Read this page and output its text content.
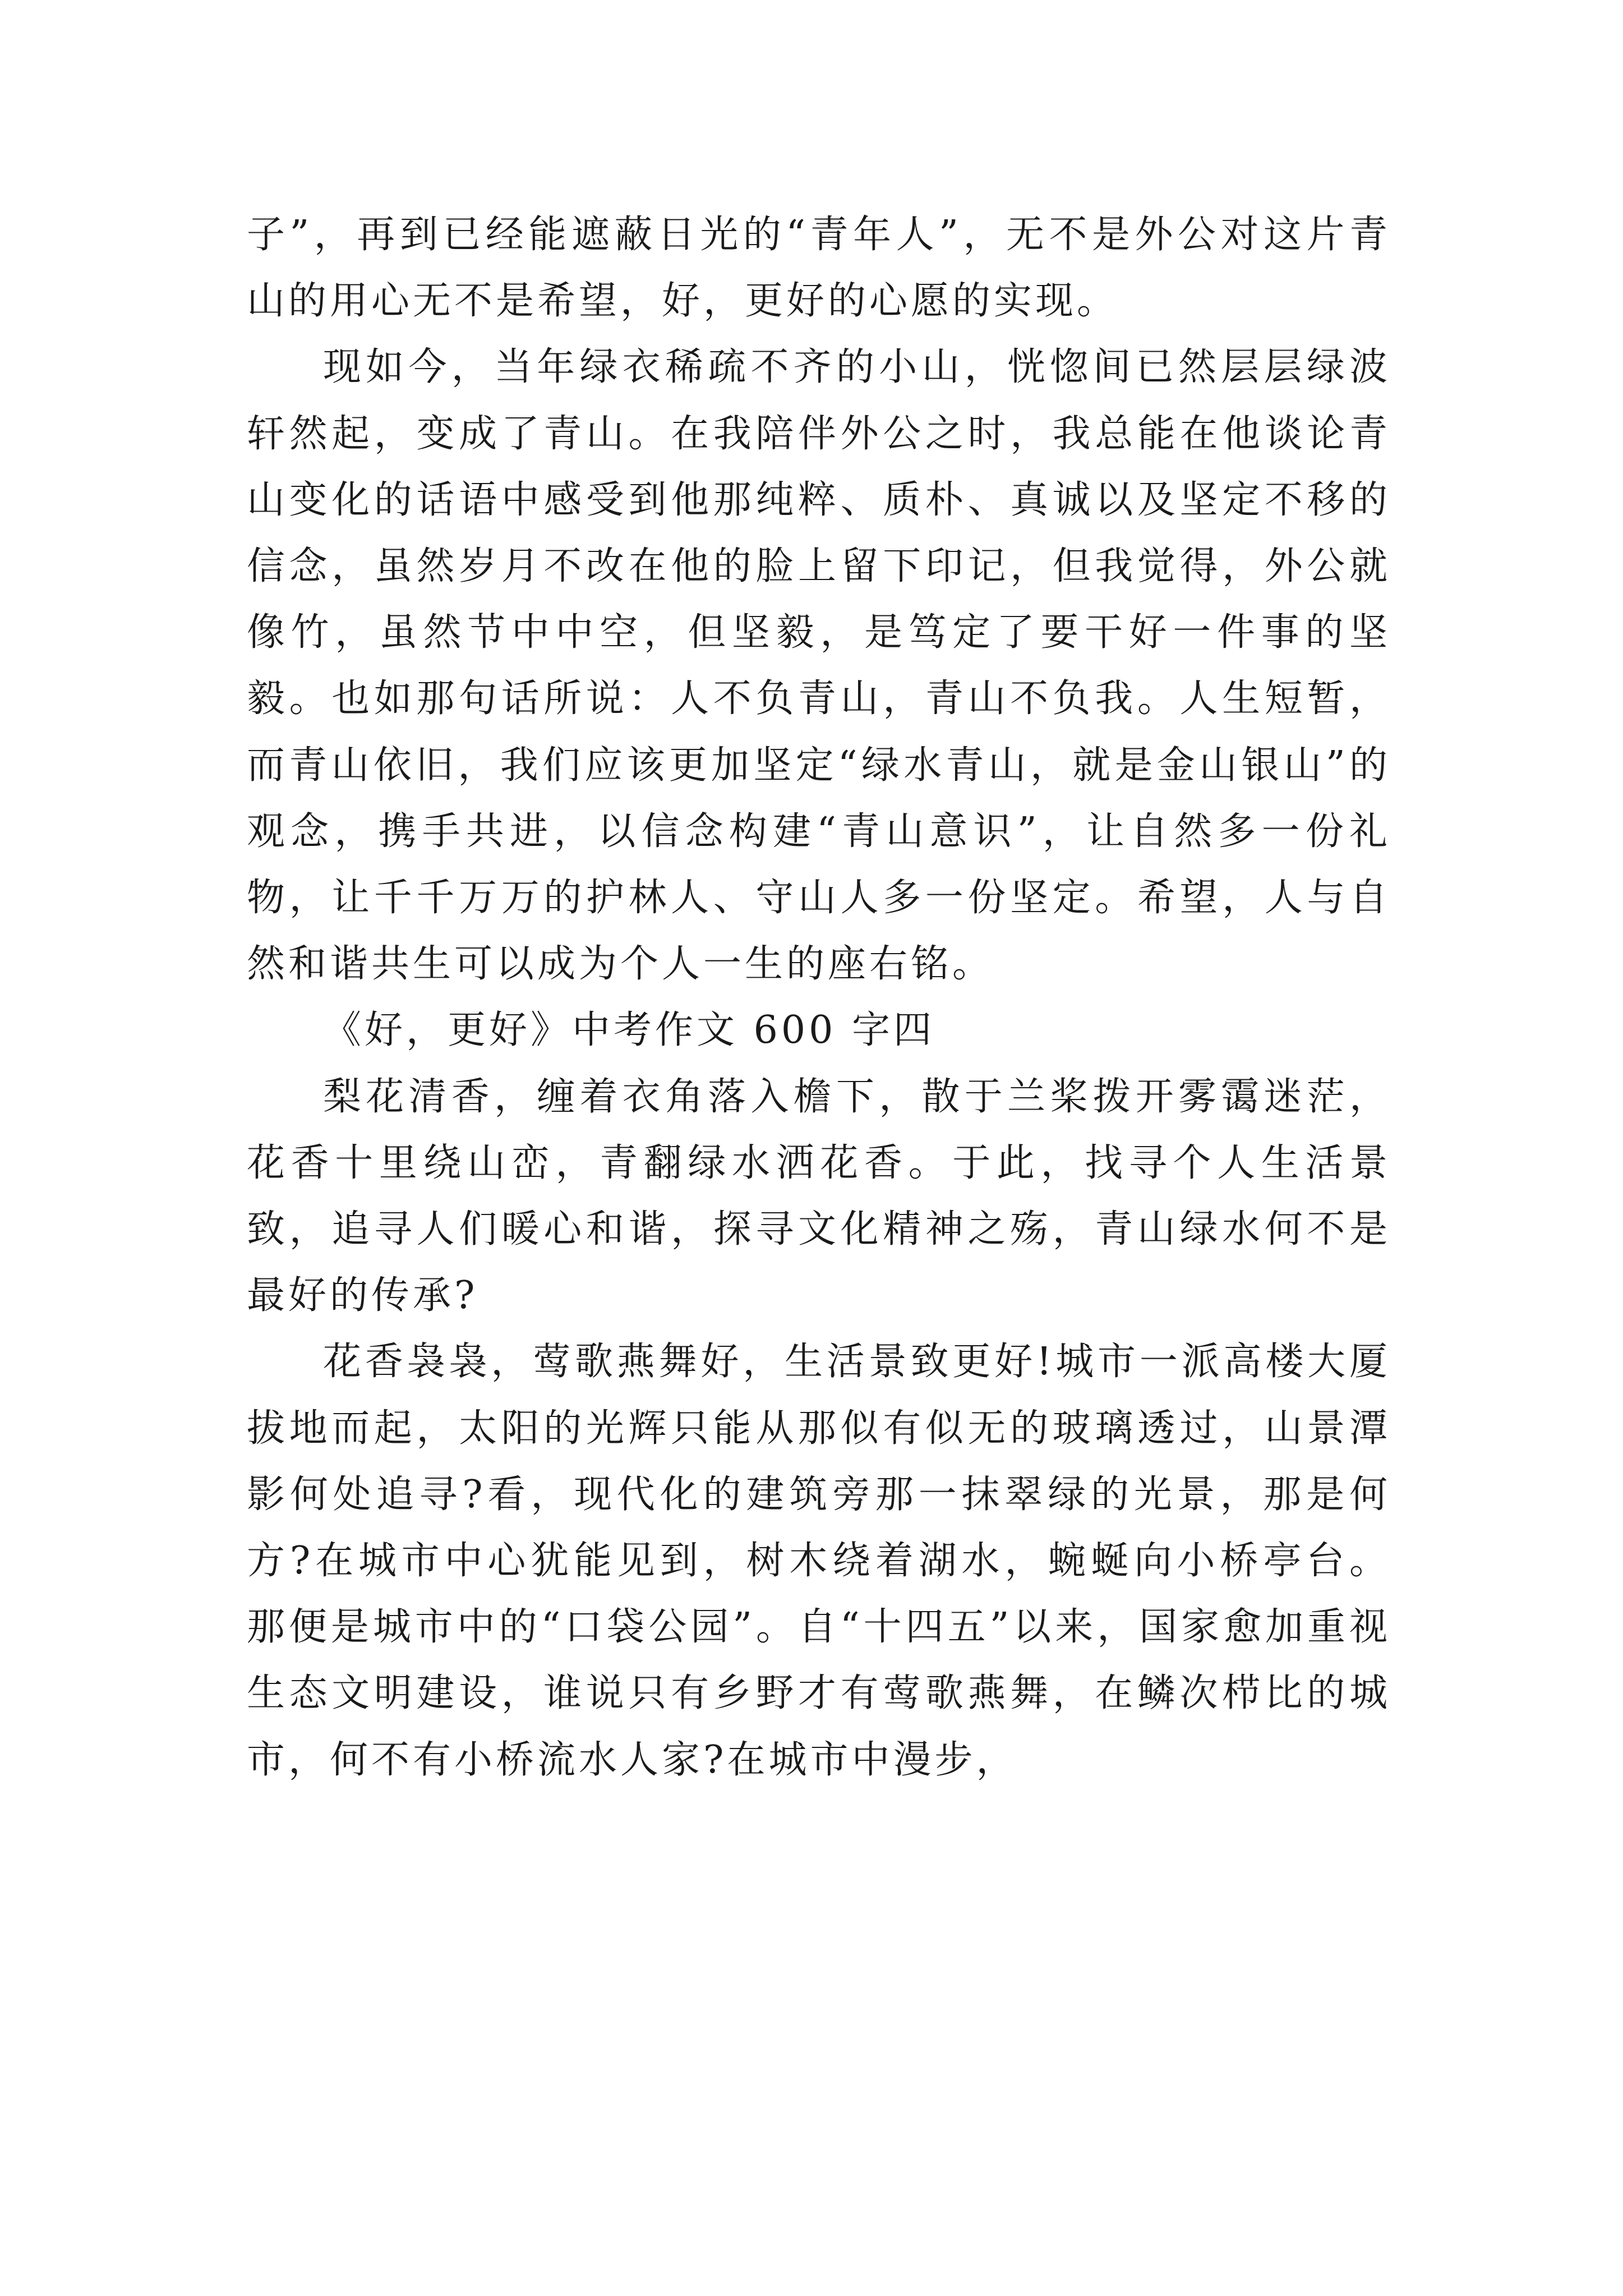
子”，再到已经能遮蔽日光的“青年人”，无不是外公对这片青山的用心无不是希望，好，更好的心愿的实现。

现如今，当年绿衣稀疏不齐的小山，恍惚间已然层层绿波轩然起，变成了青山。在我陪伴外公之时，我总能在他谈论青山变化的话语中感受到他那纯粹、质朴、真诚以及坚定不移的信念，虽然岁月不改在他的脸上留下印记，但我觉得，外公就像竹，虽然节中中空，但坚毅，是笃定了要干好一件事的坚毅。也如那句话所说：人不负青山，青山不负我。人生短暂，而青山依旧，我们应该更加坚定“绿水青山，就是金山银山”的观念，携手共进，以信念构建“青山意识”，让自然多一份礼物，让千千万万的护林人、守山人多一份坚定。希望，人与自然和谐共生可以成为个人一生的座右铭。

《好，更好》中考作文 600 字四

梨花清香，缠着衣角落入檐下，散于兰桨拨开雾霭迷茫，花香十里绕山峦，青翻绿水洒花香。于此，找寻个人生活景致，追寻人们暖心和谐，探寻文化精神之殇，青山绿水何不是最好的传承?

花香袅袅，莺歌燕舞好，生活景致更好!城市一派高楼大厦拔地而起，太阳的光辉只能从那似有似无的玻璃透过，山景潭影何处追寻?看，现代化的建筑旁那一抹翠绿的光景，那是何方?在城市中心犹能见到，树木绕着湖水，蜿蜒向小桥亭台。那便是城市中的“口袋公园”。自“十四五”以来，国家愈加重视生态文明建设，谁说只有乡野才有莺歌燕舞，在鳞次栉比的城市，何不有小桥流水人家?在城市中漫步，
